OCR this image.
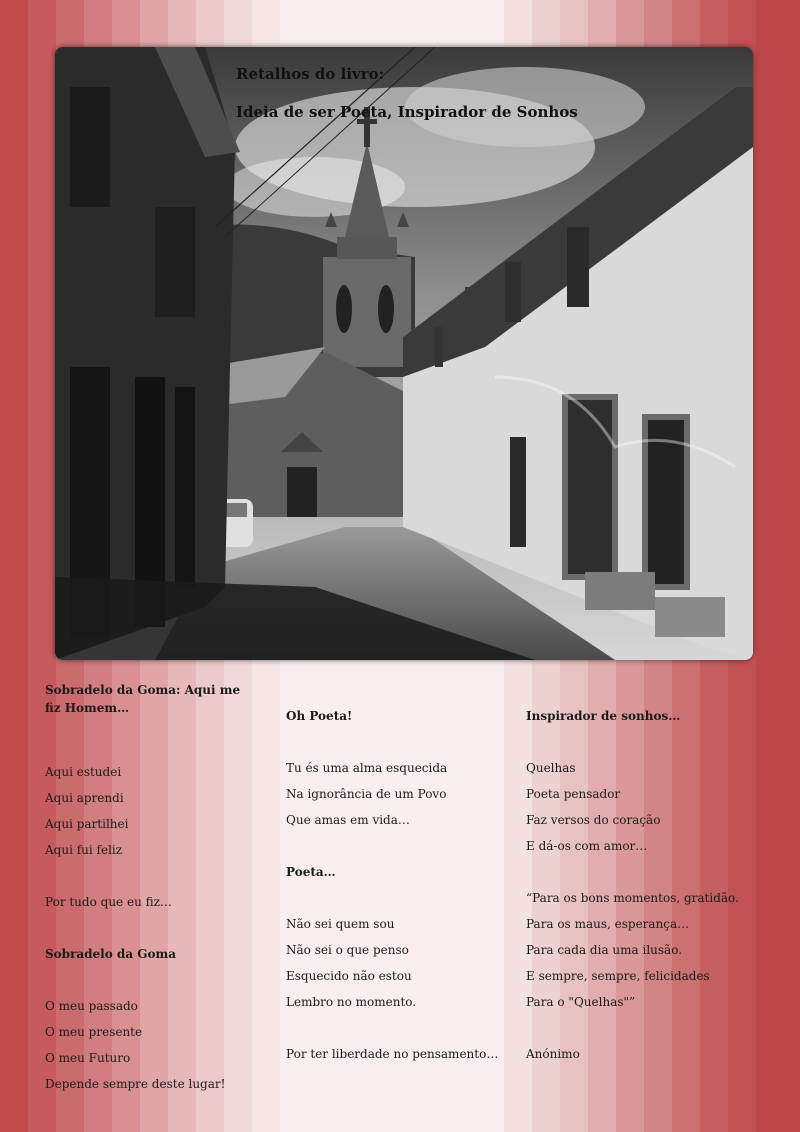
Retalhos do livro:
Ideia de ser Poeta, Inspirador de Sonhos

Sobradelo da Goma: Aqui me fiz Homem…

Aqui estudei

Aqui aprendi

Aqui partilhei

Aqui fui feliz

Por tudo que eu fiz…

Sobradelo da Goma

O meu passado

O meu presente

O meu Futuro

Depende sempre deste lugar!

Oh Poeta!

Tu és uma alma esquecida

Na ignorância de um Povo

Que amas em vida…

Poeta…

Não sei quem sou

Não sei o que penso

Esquecido não estou

Lembro no momento.

Por ter liberdade no pensamento…

Inspirador de sonhos…

Quelhas

Poeta pensador

Faz versos do coração

E dá-os com amor…

“Para os bons momentos, gratidão.

Para os maus, esperança…

Para cada dia uma ilusão.

E sempre, sempre, felicidades

Para o "Quelhas"”

Anónimo
